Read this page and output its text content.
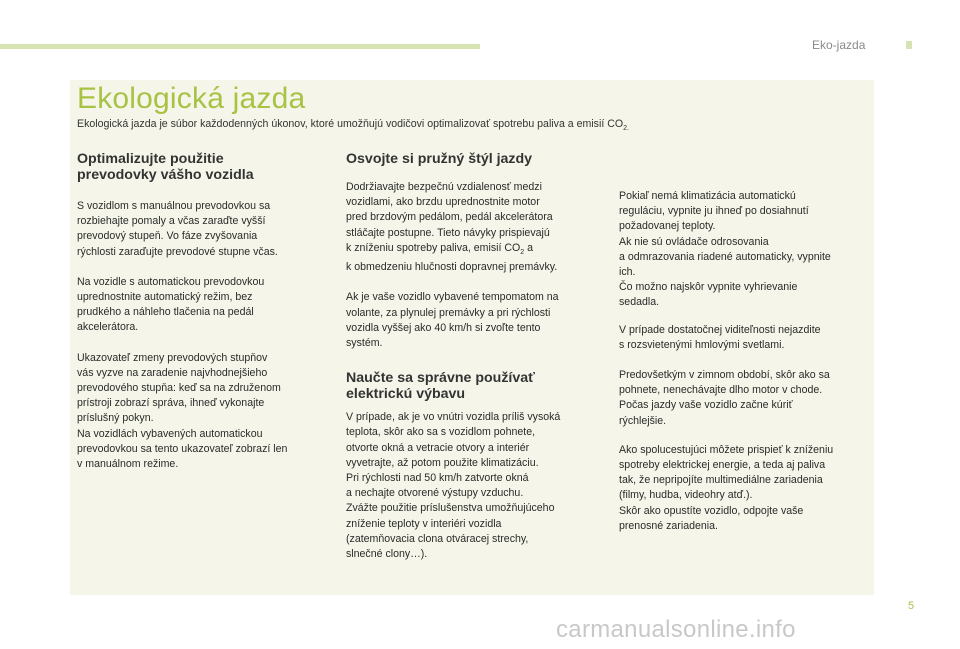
Eko-jazda
Ekologická jazda
Ekologická jazda je súbor každodenných úkonov, ktoré umožňujú vodičovi optimalizovať spotrebu paliva a emisií $CO_{2.}$
Optimalizujte použitie
prevodovky vášho vozidla

S vozidlom s manuálnou prevodovkou sa
rozbiehajte pomaly a včas zaraďte vyšší
prevodový stupeň. Vo fáze zvyšovania
rýchlosti zaraďujte prevodové stupne včas.

Na vozidle s automatickou prevodovkou
uprednostnite automatický režim, bez
prudkého a náhleho tlačenia na pedál
akcelerátora.

Ukazovateľ zmeny prevodových stupňov
vás vyzve na zaradenie najvhodnejšieho
prevodového stupňa: keď sa na združenom
prístroji zobrazí správa, ihneď vykonajte
príslušný pokyn.
Na vozidlách vybavených automatickou
prevodovkou sa tento ukazovateľ zobrazí len
v manuálnom režime.

Osvojte si pružný štýl jazdy

Dodržiavajte bezpečnú vzdialenosť medzi
vozidlami, ako brzdu uprednostnite motor
pred brzdovým pedálom, pedál akcelerátora
stláčajte postupne. Tieto návyky prispievajú
k zníženiu spotreby paliva, emisií $CO_2$ a
k obmedzeniu hlučnosti dopravnej premávky.

Ak je vaše vozidlo vybavené tempomatom na
volante, za plynulej premávky a pri rýchlosti
vozidla vyššej ako 40 km/h si zvoľte tento
systém.

Naučte sa správne používať
elektrickú výbavu

V prípade, ak je vo vnútri vozidla príliš vysoká
teplota, skôr ako sa s vozidlom pohnete,
otvorte okná a vetracie otvory a interiér
vyvetrajte, až potom použite klimatizáciu.
Pri rýchlosti nad 50 km/h zatvorte okná
a nechajte otvorené výstupy vzduchu.
Zvážte použitie príslušenstva umožňujúceho
zníženie teploty v interiéri vozidla
(zatemňovacia clona otváracej strechy,
slnečné clony…).

Pokiaľ nemá klimatizácia automatickú
reguláciu, vypnite ju ihneď po dosiahnutí
požadovanej teploty.
Ak nie sú ovládače odrosovania
a odmrazovania riadené automaticky, vypnite
ich.
Čo možno najskôr vypnite vyhrievanie
sedadla.

V prípade dostatočnej viditeľnosti nejazdite
s rozsvietenými hmlovými svetlami.

Predovšetkým v zimnom období, skôr ako sa
pohnete, nenechávajte dlho motor v chode.
Počas jazdy vaše vozidlo začne kúriť
rýchlejšie.

Ako spolucestujúci môžete prispieť k zníženiu
spotreby elektrickej energie, a teda aj paliva
tak, že nepripojíte multimediálne zariadenia
(filmy, hudba, videohry atď.).
Skôr ako opustíte vozidlo, odpojte vaše
prenosné zariadenia.

5
carmanualsonline.info
